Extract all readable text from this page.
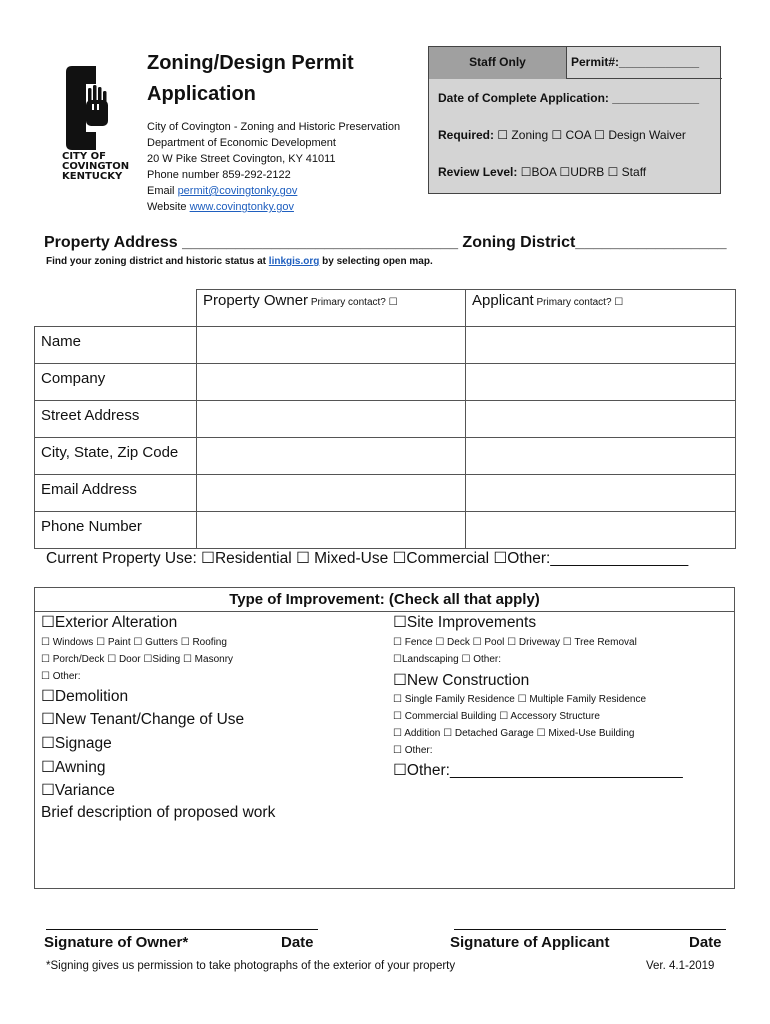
CITY OF
COVINGTON
KENTUCKY
Zoning/Design Permit
Application
City of Covington - Zoning and Historic Preservation
Department of Economic Development
20 W Pike Street Covington, KY 41011
Phone number 859-292-2122
Email permit@covingtonky.gov
Website www.covingtonky.gov
Staff Only	Permit#:____________
Date of Complete Application: _____________
Required: ☐ Zoning ☐ COA ☐ Design Waiver
Review Level: ☐BOA ☐UDRB ☐ Staff
Property Address _______________________________ Zoning District_________________
Find your zoning district and historic status at linkgis.org by selecting open map.
	Property Owner Primary contact? ☐	Applicant Primary contact? ☐
Name		
Company		
Street Address		
City, State, Zip Code		
Email Address		
Phone Number		
Current Property Use: ☐Residential ☐ Mixed-Use ☐Commercial ☐Other:________________
Type of Improvement: (Check all that apply)
☐Exterior Alteration
☐ Windows ☐ Paint ☐ Gutters ☐ Roofing
☐ Porch/Deck ☐ Door ☐Siding ☐ Masonry
☐ Other:
☐Demolition
☐New Tenant/Change of Use
☐Signage
☐Awning
☐Variance
☐Site Improvements
☐ Fence ☐ Deck ☐ Pool ☐ Driveway ☐ Tree Removal
☐Landscaping ☐ Other:
☐New Construction
☐ Single Family Residence ☐ Multiple Family Residence
☐ Commercial Building ☐ Accessory Structure
☐ Addition ☐ Detached Garage ☐ Mixed-Use Building
☐ Other:
☐Other:___________________________
Brief description of proposed work
Signature of Owner*	Date	Signature of Applicant	Date
*Signing gives us permission to take photographs of the exterior of your property	Ver. 4.1-2019
